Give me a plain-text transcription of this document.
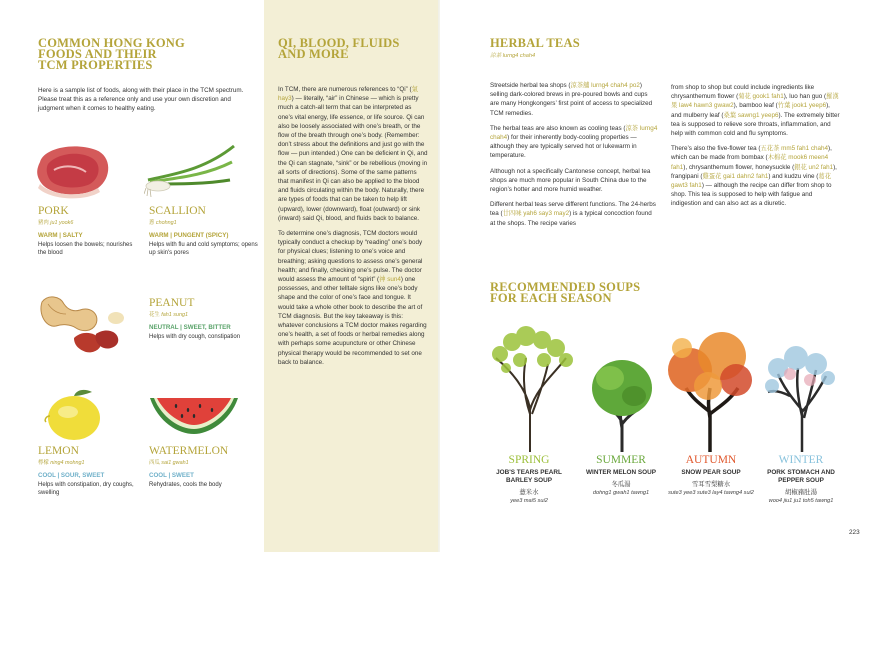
COMMON HONG KONG
FOODS AND THEIR
TCM PROPERTIES

Here is a sample list of foods, along with their place in the TCM spectrum. Please treat this as a reference only and use your own discretion and judgment when it comes to healthy eating.

PORK

豬肉 ju1 yook6

WARM | SALTY

Helps loosen the bowels; nourishes the blood

SCALLION

蔥 chohng1

WARM | PUNGENT (SPICY)

Helps with flu and cold symptoms; opens up skin's pores

PEANUT

花生 fah1 sung1

NEUTRAL | SWEET, BITTER

Helps with dry cough, constipation

LEMON

檸檬 ning4 mohng1

COOL | SOUR, SWEET

Helps with constipation, dry coughs, swelling

WATERMELON

西瓜 sai1 gwah1

COOL | SWEET

Rehydrates, cools the body

QI, BLOOD, FLUIDS
AND MORE

In TCM, there are numerous references to “Qi” (氣 hay3) — literally, “air” in Chinese — which is pretty much a catch-all term that can be interpreted as one’s vital energy, life essence, or life source. Qi can also be loosely associated with one’s breath, or the flow of the breath through one’s body. (Remember: don’t stress about the definitions and just go with the flow — pun intended.) One can be deficient in Qi, and the Qi can stagnate, “sink” or be rebellious (moving in all sorts of directions). Some of the same patterns that manifest in Qi can also be applied to the blood and fluids circulating within the body. Naturally, there are types of foods that can be taken to help lift (upward), lower (downward), float (outward) or sink (inward) said Qi, blood, and fluids back to balance.

To determine one’s diagnosis, TCM doctors would typically conduct a checkup by “reading” one’s body for physical clues; listening to one’s voice and breathing; asking questions to assess one’s general health; and finally, checking one’s pulse. The doctor would assess the amount of “spirit” (神 sun4) one possesses, and other telltale signs like one’s body shape and the color of one’s face and tongue. It would take a whole other book to describe the art of TCM diagnosis. But the key takeaway is this: whatever conclusions a TCM doctor makes regarding one’s health, a set of foods or herbal remedies along with perhaps some acupuncture or other Chinese physical therapy would be recommended to set one back to balance.

HERBAL TEAS

涼茶 lurng4 chah4

Streetside herbal tea shops (涼茶舖 lurng4 chah4 po2) selling dark-colored brews in pre-poured bowls and cups are many Hongkongers’ first point of access to specialized TCM remedies.

The herbal teas are also known as cooling teas (涼茶 lurng4 chah4) for their inherently body-cooling properties — although they are typically served hot or lukewarm in temperature.

Although not a specifically Cantonese concept, herbal tea shops are much more popular in South China due to the region’s hotter and more humid weather.

Different herbal teas serve different functions. The 24-herbs tea (廿四味 yah6 say3 may2) is a typical concoction found at the shops. The recipe varies

from shop to shop but could include ingredients like chrysanthemum flower (菊花 gook1 fah1), luo han guo (羅漢果 law4 hawn3 gwaw2), bamboo leaf (竹葉 jook1 yeep6), and mulberry leaf (桑葉 sawng1 yeep6). The extremely bitter tea is supposed to relieve sore throats, inflammation, and help with common cold and flu symptoms.

There’s also the five-flower tea (五花茶 mm5 fah1 chah4), which can be made from bombax (木棉花 mook6 meen4 fah1), chrysanthemum flower, honeysuckle (銀花 un2 fah1), frangipani (雞蛋花 gai1 dahn2 fah1) and kudzu vine (葛花 gawt3 fah1) — although the recipe can differ from shop to shop. This tea is supposed to help with fatigue and indigestion and can also act as a diuretic.

RECOMMENDED SOUPS
FOR EACH SEASON

SPRING

JOB'S TEARS PEARL BARLEY SOUP

薏米水

yee3 mai5 sui2

SUMMER

WINTER MELON SOUP

冬瓜湯

dohng1 gwah1 tawng1

AUTUMN

SNOW PEAR SOUP

雪耳雪梨糖水

sute3 yee3 sute3 lay4 tawng4 sui2

WINTER

PORK STOMACH AND PEPPER SOUP

胡椒豬肚湯

woo4 jiu1 ju1 toh5 tawng1

223
